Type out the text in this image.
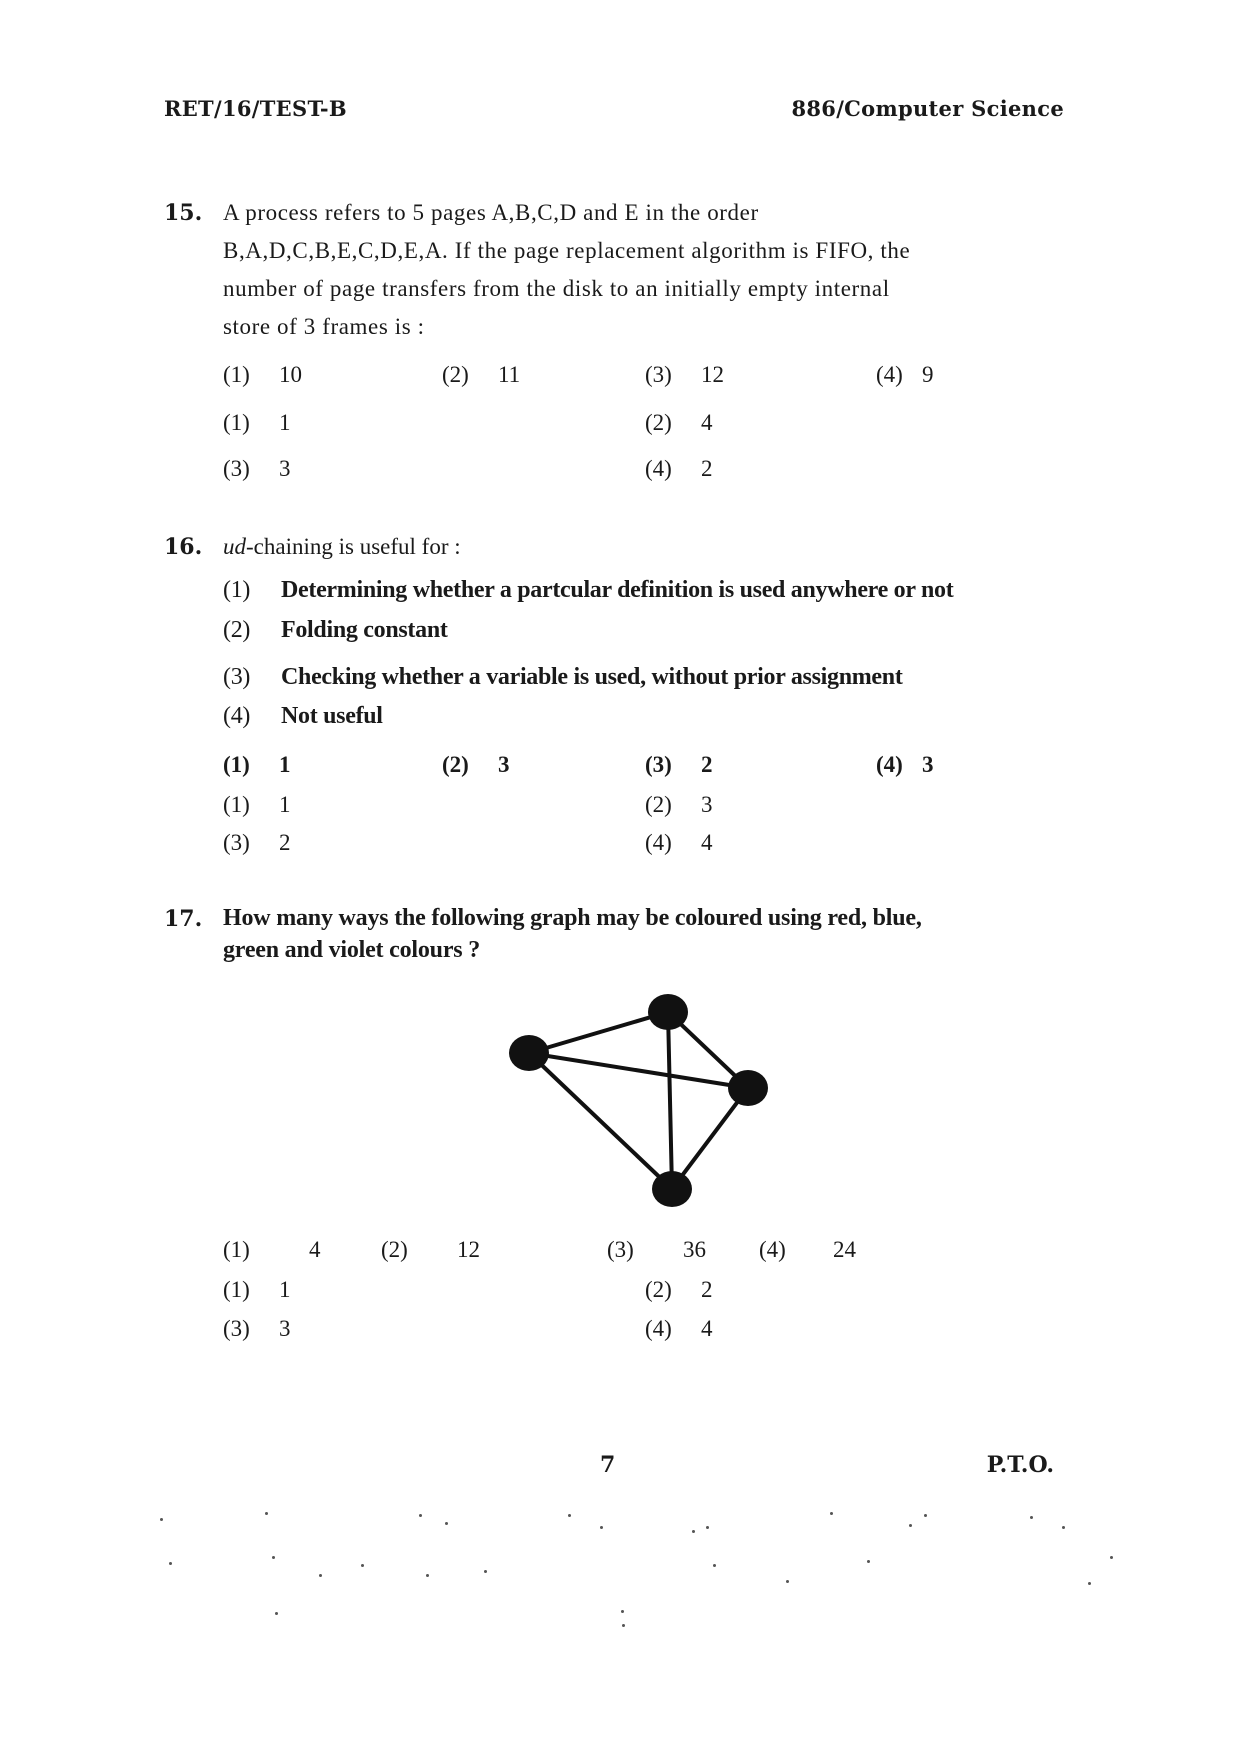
RET/16/TEST-B	886/Computer Science
15. A process refers to 5 pages A,B,C,D and E in the order
B,A,D,C,B,E,C,D,E,A. If the page replacement algorithm is FIFO, the
number of page transfers from the disk to an initially empty internal
store of 3 frames is :
(1) 10	(2) 11	(3) 12	(4) 9
(1) 1	(2) 4
(3) 3	(4) 2
16. ud-chaining is useful for :
(1) Determining whether a partcular definition is used anywhere or not
(2) Folding constant
(3) Checking whether a variable is used, without prior assignment
(4) Not useful
(1) 1	(2) 3	(3) 2	(4) 3
(1) 1	(2) 3
(3) 2	(4) 4
17. How many ways the following graph may be coloured using red, blue,
green and violet colours ?
(1)	4	(2) 12	(3) 36 (4) 24
(1) 1	(2) 2
(3) 3	(4) 4
7	P.T.O.
